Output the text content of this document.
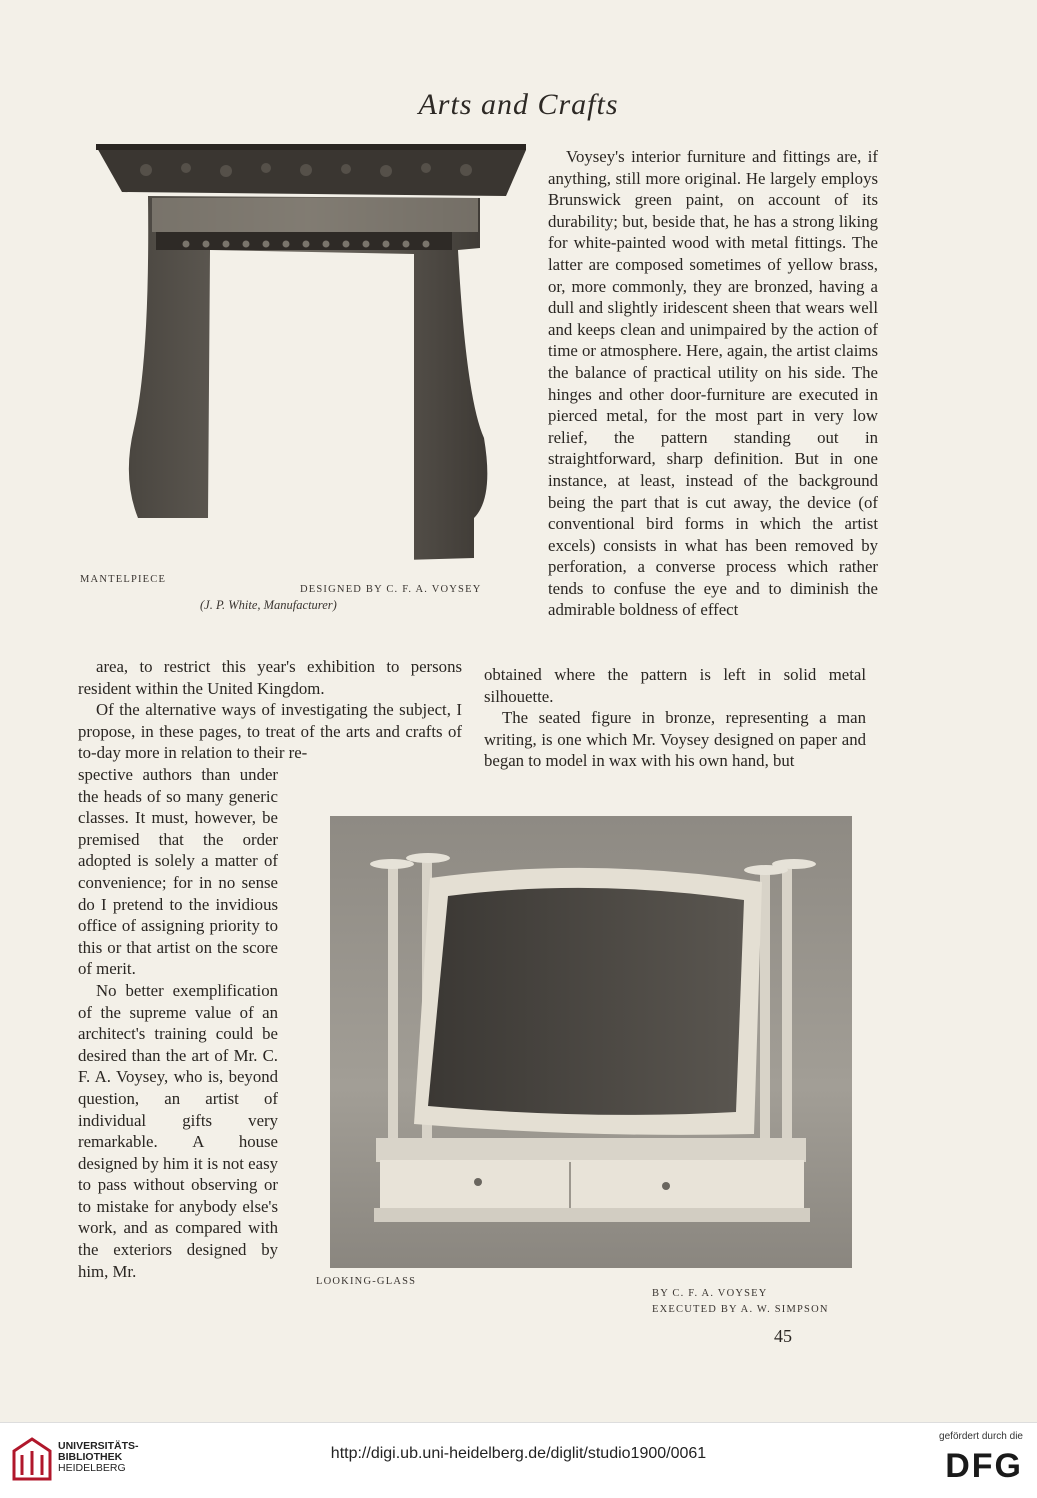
Arts and Crafts
MANTELPIECE
DESIGNED BY C. F. A. VOYSEY
(J. P. White, Manufacturer)

Voysey's interior furniture and fittings are, if anything, still more original. He largely employs Brunswick green paint, on account of its durability; but, beside that, he has a strong liking for white-painted wood with metal fittings. The latter are composed sometimes of yellow brass, or, more commonly, they are bronzed, having a dull and slightly iridescent sheen that wears well and keeps clean and unimpaired by the action of time or atmosphere. Here, again, the artist claims the balance of practical utility on his side. The hinges and other door-furniture are executed in pierced metal, for the most part in very low relief, the pattern standing out in straightforward, sharp definition. But in one instance, at least, instead of the background being the part that is cut away, the device (of conventional bird forms in which the artist excels) consists in what has been removed by perforation, a converse process which rather tends to confuse the eye and to diminish the admirable boldness of effect

area, to restrict this year's exhibition to persons resident within the United Kingdom.

Of the alternative ways of investigating the subject, I propose, in these pages, to treat of the arts and crafts of to-day more in relation to their re-

obtained where the pattern is left in solid metal silhouette.

The seated figure in bronze, representing a man writing, is one which Mr. Voysey designed on paper and began to model in wax with his own hand, but

spective authors than under the heads of so many generic classes. It must, however, be premised that the order adopted is solely a matter of convenience; for in no sense do I pretend to the invidious office of assigning priority to this or that artist on the score of merit.

No better exemplification of the supreme value of an architect's training could be desired than the art of Mr. C. F. A. Voysey, who is, beyond question, an artist of individual gifts very remarkable. A house designed by him it is not easy to pass without observing or to mistake for anybody else's work, and as compared with the exteriors designed by him, Mr.

LOOKING-GLASS
BY C. F. A. VOYSEY
EXECUTED BY A. W. SIMPSON
45
UNIVERSITÄTS-
BIBLIOTHEK
HEIDELBERG
http://digi.ub.uni-heidelberg.de/diglit/studio1900/0061
gefördert durch die
DFG
